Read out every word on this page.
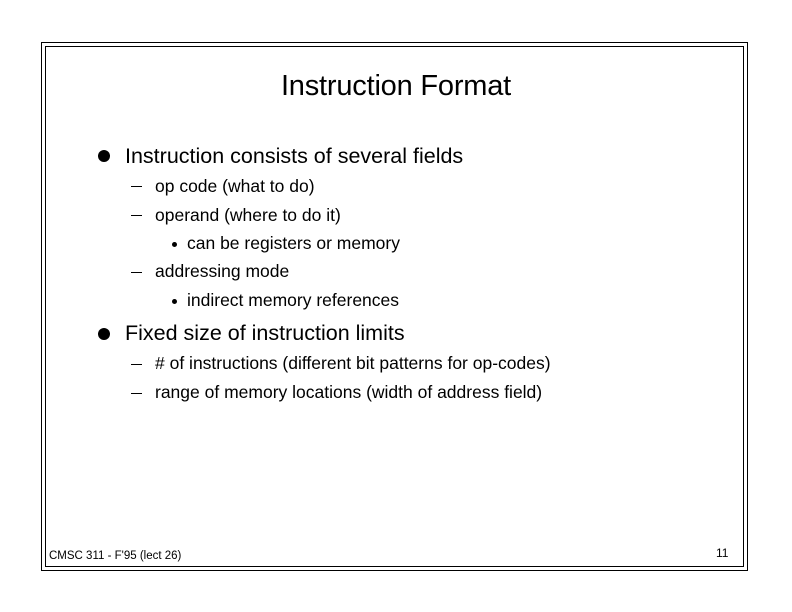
Instruction Format
Instruction consists of several fields
op code (what to do)
operand (where to do it)
can be registers or memory
addressing mode
indirect memory references
Fixed size of instruction limits
# of instructions (different bit patterns for op-codes)
range of memory locations (width of address field)
CMSC 311 - F'95 (lect 26)	11
